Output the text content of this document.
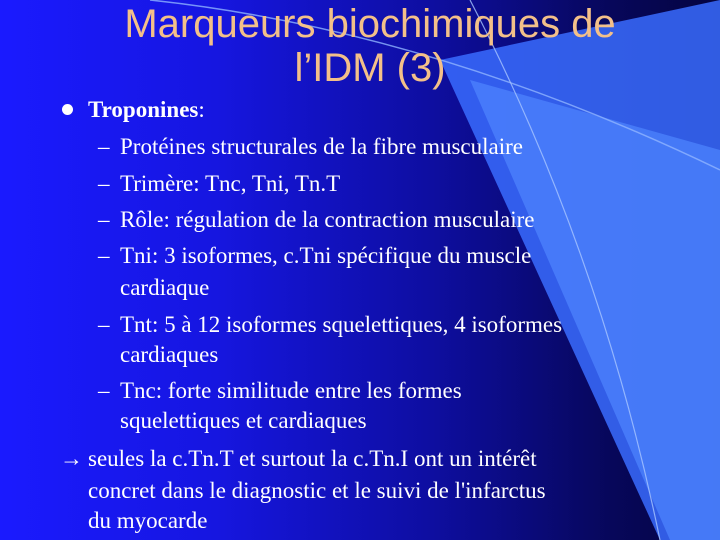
Marqueurs biochimiques de
l’IDM (3)
Troponines:
– Protéines structurales de la fibre musculaire
– Trimère: Tnc, Tni, Tn.T
– Rôle: régulation de la contraction musculaire
– Tni: 3 isoformes, c.Tni spécifique du muscle
cardiaque
– Tnt: 5 à 12 isoformes squelettiques, 4 isoformes
cardiaques
– Tnc: forte similitude entre les formes
squelettiques et cardiaques
→ seules la c.Tn.T et surtout la c.Tn.I ont un intérêt
concret dans le diagnostic et le suivi de l'infarctus
du myocarde
